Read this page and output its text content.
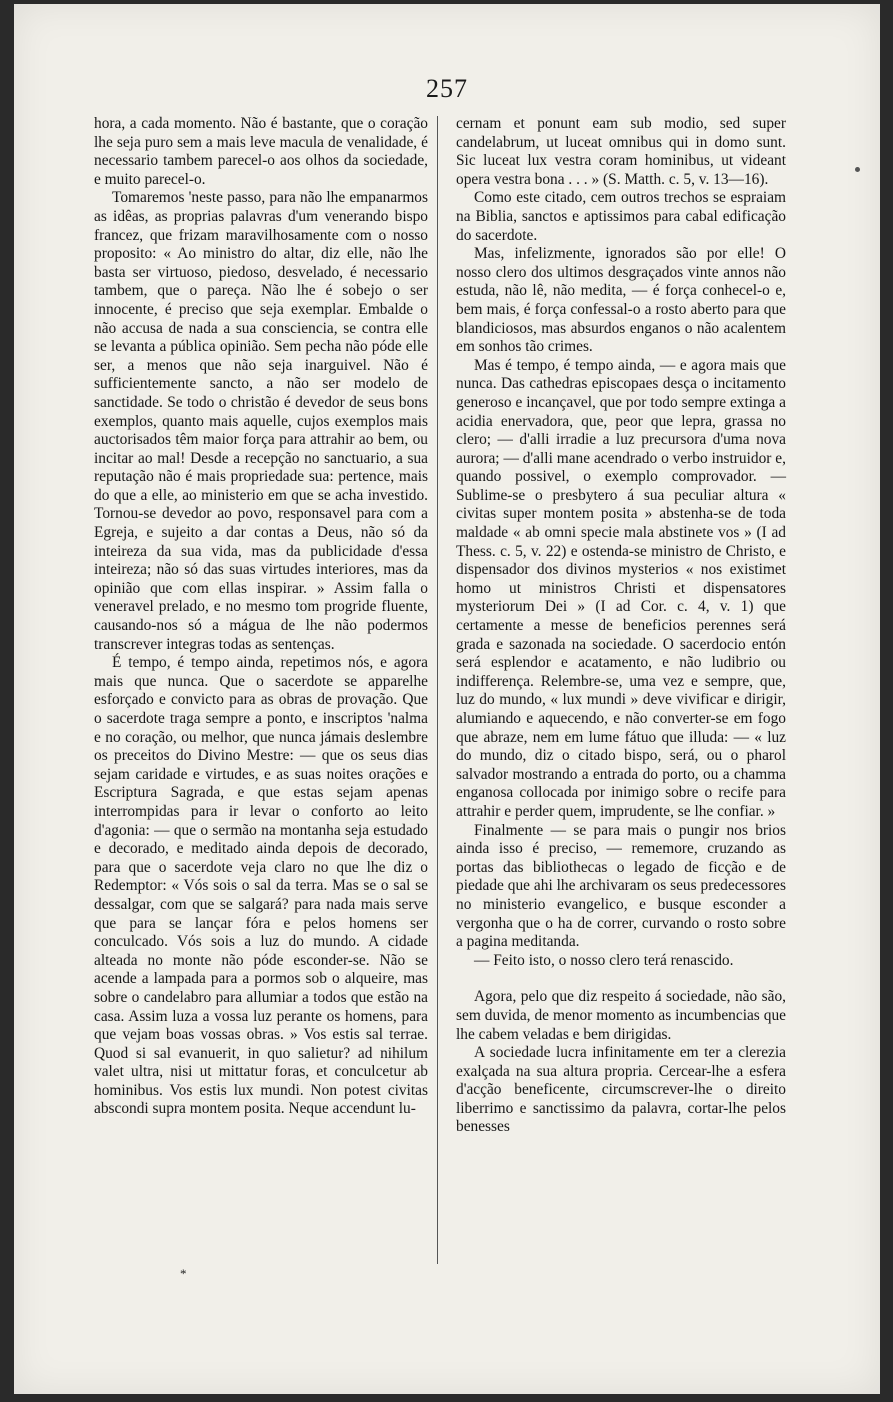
257

hora, a cada momento. Não é bastante, que o coração lhe seja puro sem a mais leve macula de venalidade, é necessario tambem parecel-o aos olhos da sociedade, e muito parecel-o.

Tomaremos 'neste passo, para não lhe empanarmos as idêas, as proprias palavras d'um venerando bispo francez, que frizam maravilhosamente com o nosso proposito: « Ao ministro do altar, diz elle, não lhe basta ser virtuoso, piedoso, desvelado, é necessario tambem, que o pareça. Não lhe é sobejo o ser innocente, é preciso que seja exemplar. Embalde o não accusa de nada a sua consciencia, se contra elle se levanta a pública opinião. Sem pecha não póde elle ser, a menos que não seja inarguivel. Não é sufficientemente sancto, a não ser modelo de sanctidade. Se todo o christão é devedor de seus bons exemplos, quanto mais aquelle, cujos exemplos mais auctorisados têm maior força para attrahir ao bem, ou incitar ao mal! Desde a recepção no sanctuario, a sua reputação não é mais propriedade sua: pertence, mais do que a elle, ao ministerio em que se acha investido. Tornou-se devedor ao povo, responsavel para com a Egreja, e sujeito a dar contas a Deus, não só da inteireza da sua vida, mas da publicidade d'essa inteireza; não só das suas virtudes interiores, mas da opinião que com ellas inspirar. » Assim falla o veneravel prelado, e no mesmo tom progride fluente, causando-nos só a mágua de lhe não podermos transcrever integras todas as sentenças.

É tempo, é tempo ainda, repetimos nós, e agora mais que nunca. Que o sacerdote se apparelhe esforçado e convicto para as obras de provação. Que o sacerdote traga sempre a ponto, e inscriptos 'nalma e no coração, ou melhor, que nunca jámais deslembre os preceitos do Divino Mestre: — que os seus dias sejam caridade e virtudes, e as suas noites orações e Escriptura Sagrada, e que estas sejam apenas interrompidas para ir levar o conforto ao leito d'agonia: — que o sermão na montanha seja estudado e decorado, e meditado ainda depois de decorado, para que o sacerdote veja claro no que lhe diz o Redemptor: « Vós sois o sal da terra. Mas se o sal se dessalgar, com que se salgará? para nada mais serve que para se lançar fóra e pelos homens ser conculcado. Vós sois a luz do mundo. A cidade alteada no monte não póde esconder-se. Não se acende a lampada para a pormos sob o alqueire, mas sobre o candelabro para allumiar a todos que estão na casa. Assim luza a vossa luz perante os homens, para que vejam boas vossas obras. » Vos estis sal terrae. Quod si sal evanuerit, in quo salietur? ad nihilum valet ultra, nisi ut mittatur foras, et conculcetur ab hominibus. Vos estis lux mundi. Non potest civitas abscondi supra montem posita. Neque accendunt lu-

cernam et ponunt eam sub modio, sed super candelabrum, ut luceat omnibus qui in domo sunt. Sic luceat lux vestra coram hominibus, ut videant opera vestra bona . . . » (S. Matth. c. 5, v. 13—16).

Como este citado, cem outros trechos se espraiam na Biblia, sanctos e aptissimos para cabal edificação do sacerdote.

Mas, infelizmente, ignorados são por elle! O nosso clero dos ultimos desgraçados vinte annos não estuda, não lê, não medita, — é força conhecel-o e, bem mais, é força confessal-o a rosto aberto para que blandiciosos, mas absurdos enganos o não acalentem em sonhos tão crimes.

Mas é tempo, é tempo ainda, — e agora mais que nunca. Das cathedras episcopaes desça o incitamento generoso e incançavel, que por todo sempre extinga a acidia enervadora, que, peor que lepra, grassa no clero; — d'alli irradie a luz precursora d'uma nova aurora; — d'alli mane acendrado o verbo instruidor e, quando possivel, o exemplo comprovador. — Sublime-se o presbytero á sua peculiar altura « civitas super montem posita » abstenha-se de toda maldade « ab omni specie mala abstinete vos » (I ad Thess. c. 5, v. 22) e ostenda-se ministro de Christo, e dispensador dos divinos mysterios « nos existimet homo ut ministros Christi et dispensatores mysteriorum Dei » (I ad Cor. c. 4, v. 1) que certamente a messe de beneficios perennes será grada e sazonada na sociedade. O sacerdocio entón será esplendor e acatamento, e não ludibrio ou indifferença. Relembre-se, uma vez e sempre, que, luz do mundo, « lux mundi » deve vivificar e dirigir, alumiando e aquecendo, e não converter-se em fogo que abraze, nem em lume fátuo que illuda: — « luz do mundo, diz o citado bispo, será, ou o pharol salvador mostrando a entrada do porto, ou a chamma enganosa collocada por inimigo sobre o recife para attrahir e perder quem, imprudente, se lhe confiar. »

Finalmente — se para mais o pungir nos brios ainda isso é preciso, — rememore, cruzando as portas das bibliothecas o legado de ficção e de piedade que ahi lhe archivaram os seus predecessores no ministerio evangelico, e busque esconder a vergonha que o ha de correr, curvando o rosto sobre a pagina meditanda.

— Feito isto, o nosso clero terá renascido.

Agora, pelo que diz respeito á sociedade, não são, sem duvida, de menor momento as incumbencias que lhe cabem veladas e bem dirigidas.

A sociedade lucra infinitamente em ter a clerezia exalçada na sua altura propria. Cercear-lhe a esfera d'acção beneficente, circumscrever-lhe o direito liberrimo e sanctissimo da palavra, cortar-lhe pelos benesses

*
